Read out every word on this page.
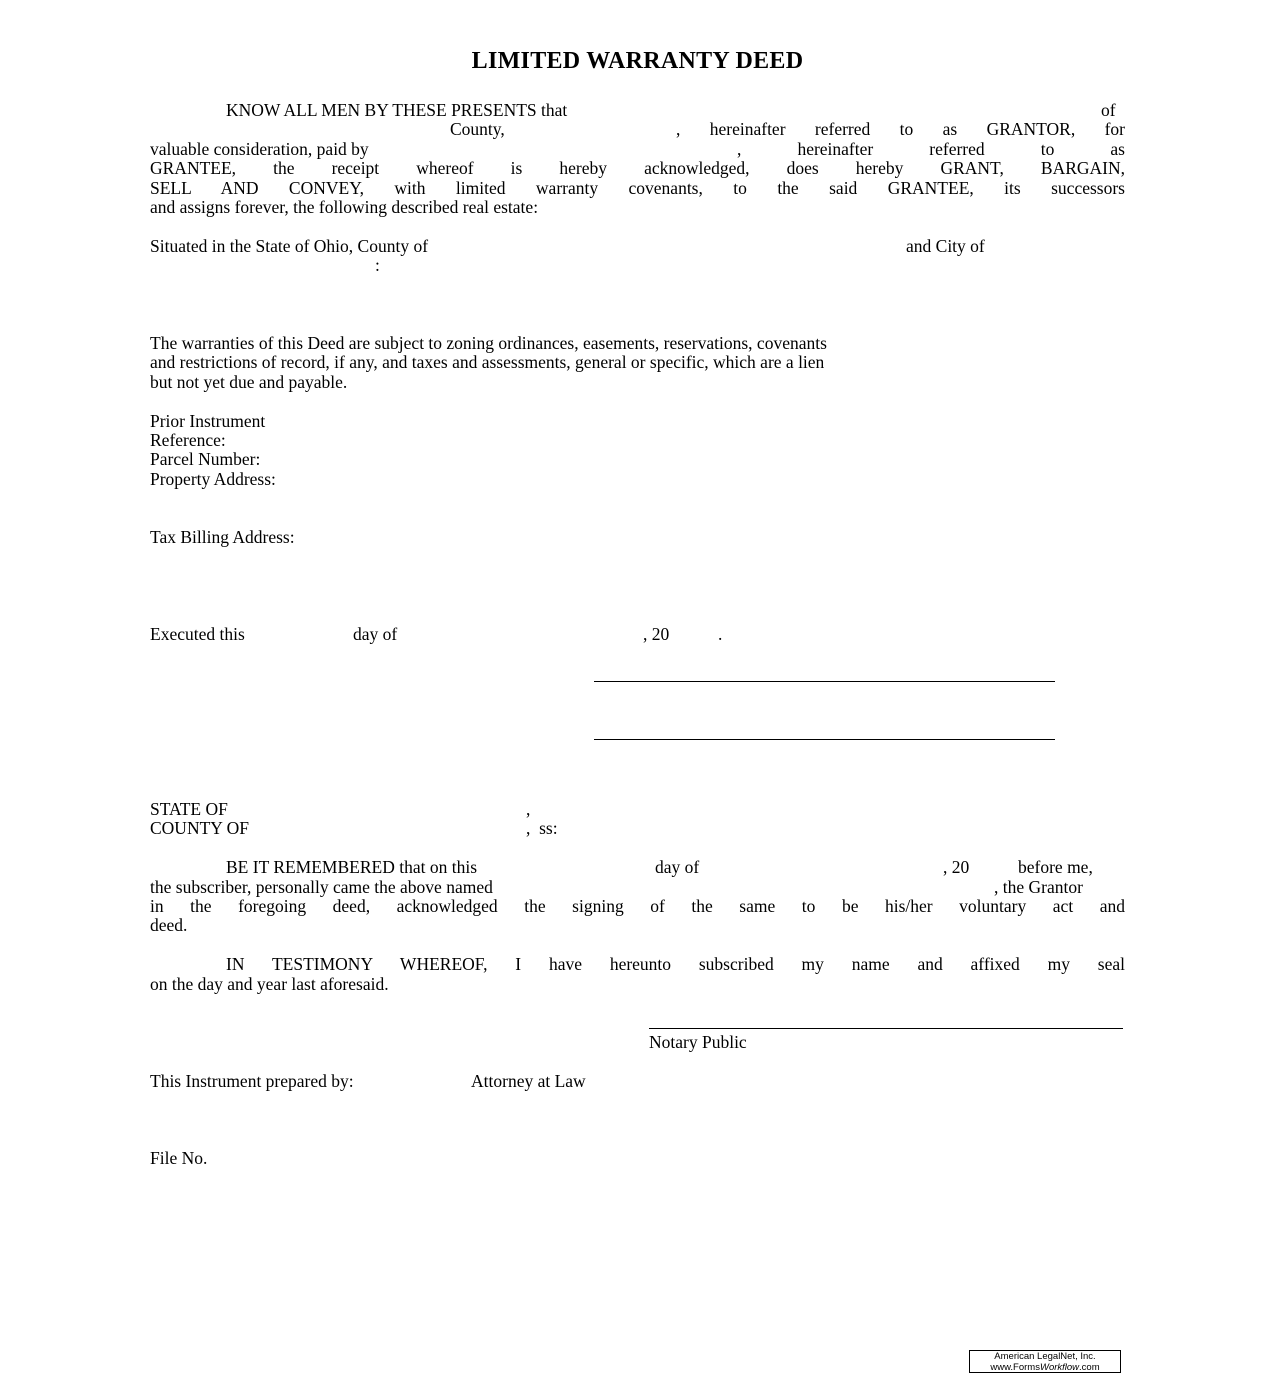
LIMITED WARRANTY DEED
KNOW ALL MEN BY THESE PRESENTS that	of
County,	, hereinafter referred to as GRANTOR, for
valuable consideration, paid by	, hereinafter referred to as
GRANTEE, the receipt whereof is hereby acknowledged, does hereby GRANT, BARGAIN,
SELL AND CONVEY, with limited warranty covenants, to the said GRANTEE, its successors
and assigns forever, the following described real estate:
Situated in the State of Ohio, County of	and City of
:
The warranties of this Deed are subject to zoning ordinances, easements, reservations, covenants
and restrictions of record, if any, and taxes and assessments, general or specific, which are a lien
but not yet due and payable.
Prior Instrument
Reference:
Parcel Number:
Property Address:
Tax Billing Address:
Executed this	day of	, 20	.
STATE OF	,
COUNTY OF	,  ss:
BE IT REMEMBERED that on this	day of	, 20	before me,
the subscriber, personally came the above named	, the Grantor
in the foregoing deed, acknowledged the signing of the same to be his/her voluntary act and
deed.
IN TESTIMONY WHEREOF, I have hereunto subscribed my name and affixed my seal
on the day and year last aforesaid.
Notary Public
This Instrument prepared by:	Attorney at Law
File No.
American LegalNet, Inc.
www.FormsWorkflow.com
